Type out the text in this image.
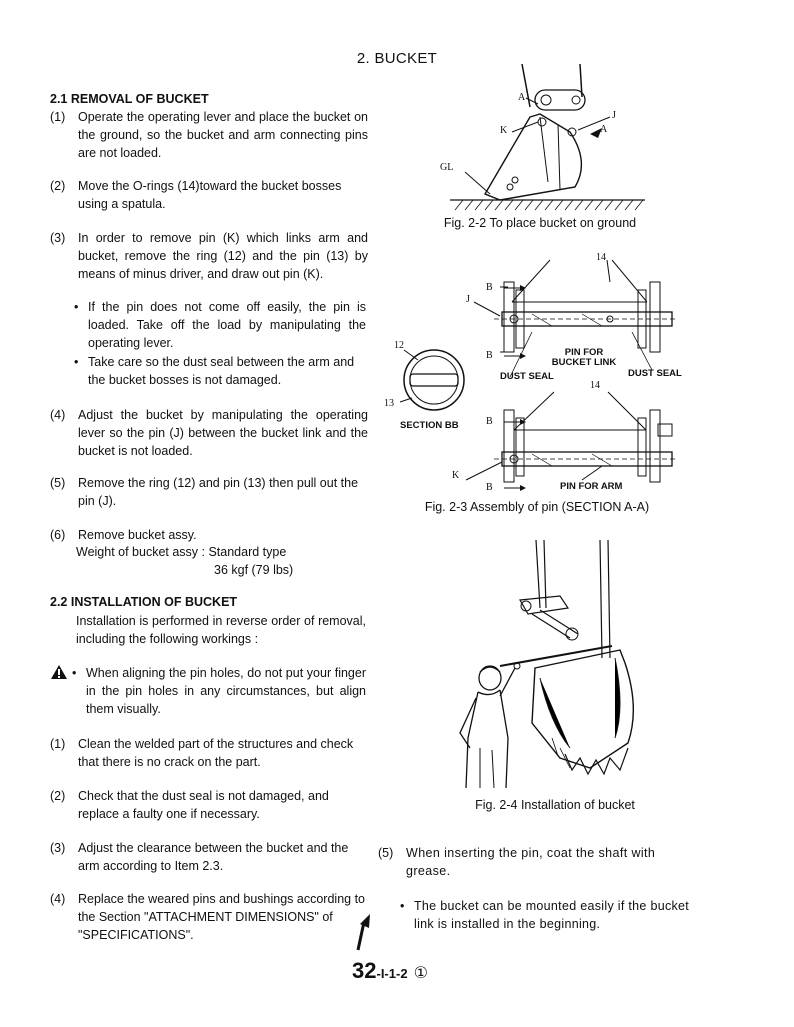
2. BUCKET
2.1 REMOVAL OF BUCKET
(1)	Operate the operating lever and place the bucket on the ground, so the bucket and arm connecting pins are not loaded.
(2)	Move the O-rings (14)toward the bucket bosses using a spatula.
(3)	In order to remove pin (K) which links arm and bucket, remove the ring (12) and the pin (13) by means of minus driver, and draw out pin (K).
• If the pin does not come off easily, the pin is loaded. Take off the load by manipulating the operating lever.
• Take care so the dust seal between the arm and the bucket bosses is not damaged.
(4)	Adjust the bucket by manipulating the operating lever so the pin (J) between the bucket link and the bucket is not loaded.
(5)	Remove the ring (12) and pin (13) then pull out the pin (J).
(6)	Remove bucket assy.
Weight of bucket assy : Standard type
36 kgf (79 lbs)
2.2 INSTALLATION OF BUCKET
Installation is performed in reverse order of removal, including the following workings :
• When aligning the pin holes, do not put your finger in the pin holes in any circumstances, but align them visually.
(1)	Clean the welded part of the structures and check that there is no crack on the part.
(2)	Check that the dust seal is not damaged, and replace a faulty one if necessary.
(3)	Adjust the clearance between the bucket and the arm according to Item 2.3.
(4)	Replace the weared pins and bushings according to the Section "ATTACHMENT DIMENSIONS" of "SPECIFICATIONS".
(5)	When inserting the pin, coat the shaft with grease.
• The bucket can be mounted easily if the bucket link is installed in the beginning.
A
J
K	A
GL
Fig. 2-2 To place bucket on ground
14
B
J
12
B	PIN FOR BUCKET LINK
DUST SEAL	DUST SEAL
14
13
B
SECTION BB
K
B	PIN FOR ARM
Fig. 2-3 Assembly of pin (SECTION A-A)
Fig. 2-4 Installation of bucket
32-I-1-2 ①
